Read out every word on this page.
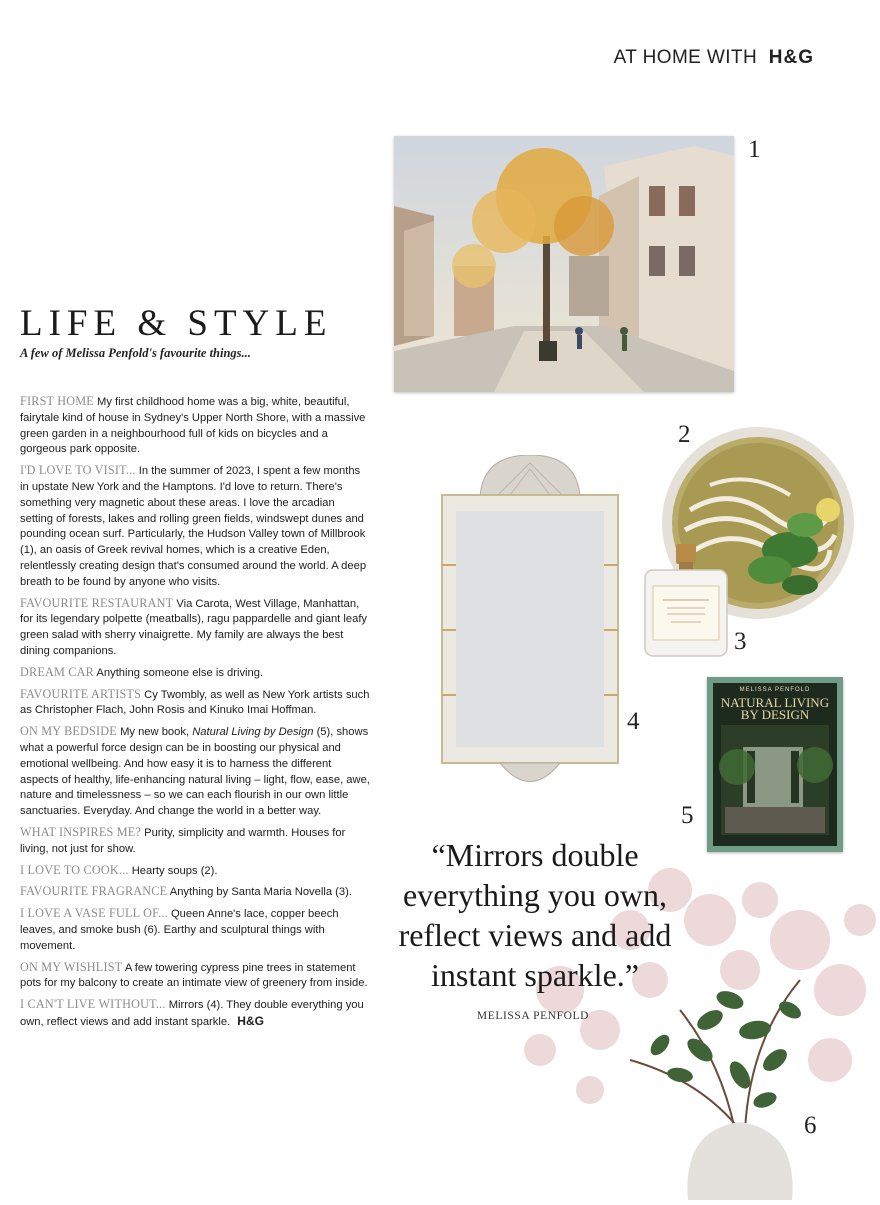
AT HOME WITH H&G
LIFE & STYLE

A few of Melissa Penfold's favourite things...

FIRST HOME My first childhood home was a big, white, beautiful, fairytale kind of house in Sydney's Upper North Shore, with a massive green garden in a neighbourhood full of kids on bicycles and a gorgeous park opposite.

I'D LOVE TO VISIT... In the summer of 2023, I spent a few months in upstate New York and the Hamptons. I'd love to return. There's something very magnetic about these areas. I love the arcadian setting of forests, lakes and rolling green fields, windswept dunes and pounding ocean surf. Particularly, the Hudson Valley town of Millbrook (1), an oasis of Greek revival homes, which is a creative Eden, relentlessly creating design that's consumed around the world. A deep breath to be found by anyone who visits.

FAVOURITE RESTAURANT Via Carota, West Village, Manhattan, for its legendary polpette (meatballs), ragu pappardelle and giant leafy green salad with sherry vinaigrette. My family are always the best dining companions.

DREAM CAR Anything someone else is driving.

FAVOURITE ARTISTS Cy Twombly, as well as New York artists such as Christopher Flach, John Rosis and Kinuko Imai Hoffman.

ON MY BEDSIDE My new book, Natural Living by Design (5), shows what a powerful force design can be in boosting our physical and emotional wellbeing. And how easy it is to harness the different aspects of healthy, life-enhancing natural living – light, flow, ease, awe, nature and timelessness – so we can each flourish in our own little sanctuaries. Everyday. And change the world in a better way.

WHAT INSPIRES ME? Purity, simplicity and warmth. Houses for living, not just for show.

I LOVE TO COOK... Hearty soups (2).

FAVOURITE FRAGRANCE Anything by Santa Maria Novella (3).

I LOVE A VASE FULL OF... Queen Anne's lace, copper beech leaves, and smoke bush (6). Earthy and sculptural things with movement.

ON MY WISHLIST A few towering cypress pine trees in statement pots for my balcony to create an intimate view of greenery from inside.

I CAN'T LIVE WITHOUT... Mirrors (4). They double everything you own, reflect views and add instant sparkle. H&G

1
2
3
4
MELISSA PENFOLD
NATURAL LIVING
BY DESIGN
5
6

“Mirrors double everything you own, reflect views and add instant sparkle.”

MELISSA PENFOLD
